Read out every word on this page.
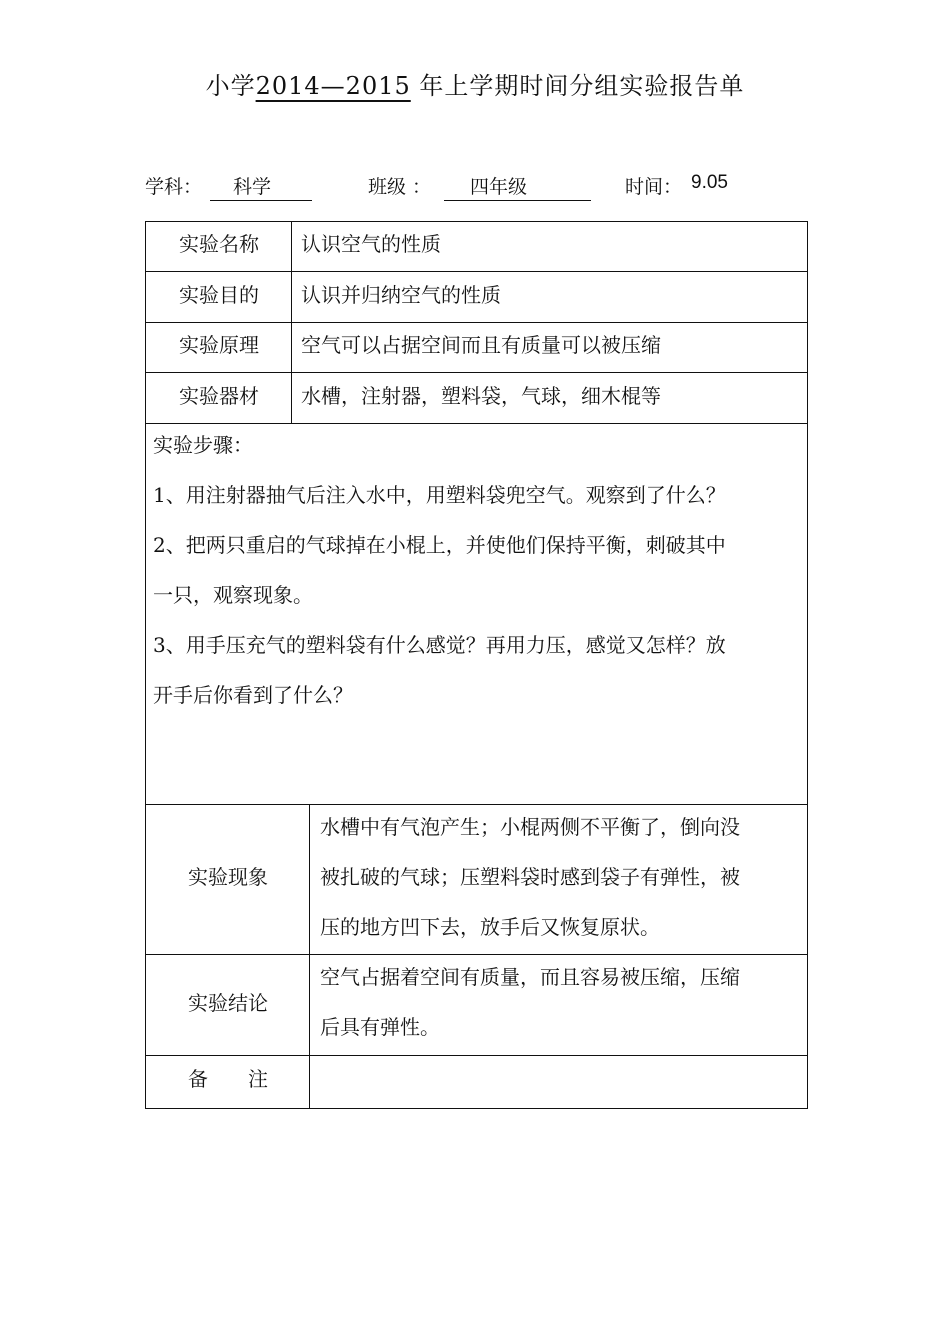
小学2014—2015 年上学期时间分组实验报告单
学科： 科学	班级 ： 四年级	时间： 9.05
实验名称	认识空气的性质
实验目的	认识并归纳空气的性质
实验原理	空气可以占据空间而且有质量可以被压缩
实验器材	水槽，注射器，塑料袋，气球，细木棍等
实验步骤：
1、用注射器抽气后注入水中，用塑料袋兜空气。观察到了什么？
2、把两只重启的气球掉在小棍上，并使他们保持平衡，刺破其中
一只，观察现象。
3、用手压充气的塑料袋有什么感觉？再用力压，感觉又怎样？放
开手后你看到了什么？
实验现象
水槽中有气泡产生；小棍两侧不平衡了，倒向没
被扎破的气球；压塑料袋时感到袋子有弹性，被
压的地方凹下去，放手后又恢复原状。
实验结论
空气占据着空间有质量，而且容易被压缩，压缩
后具有弹性。
备　　注
